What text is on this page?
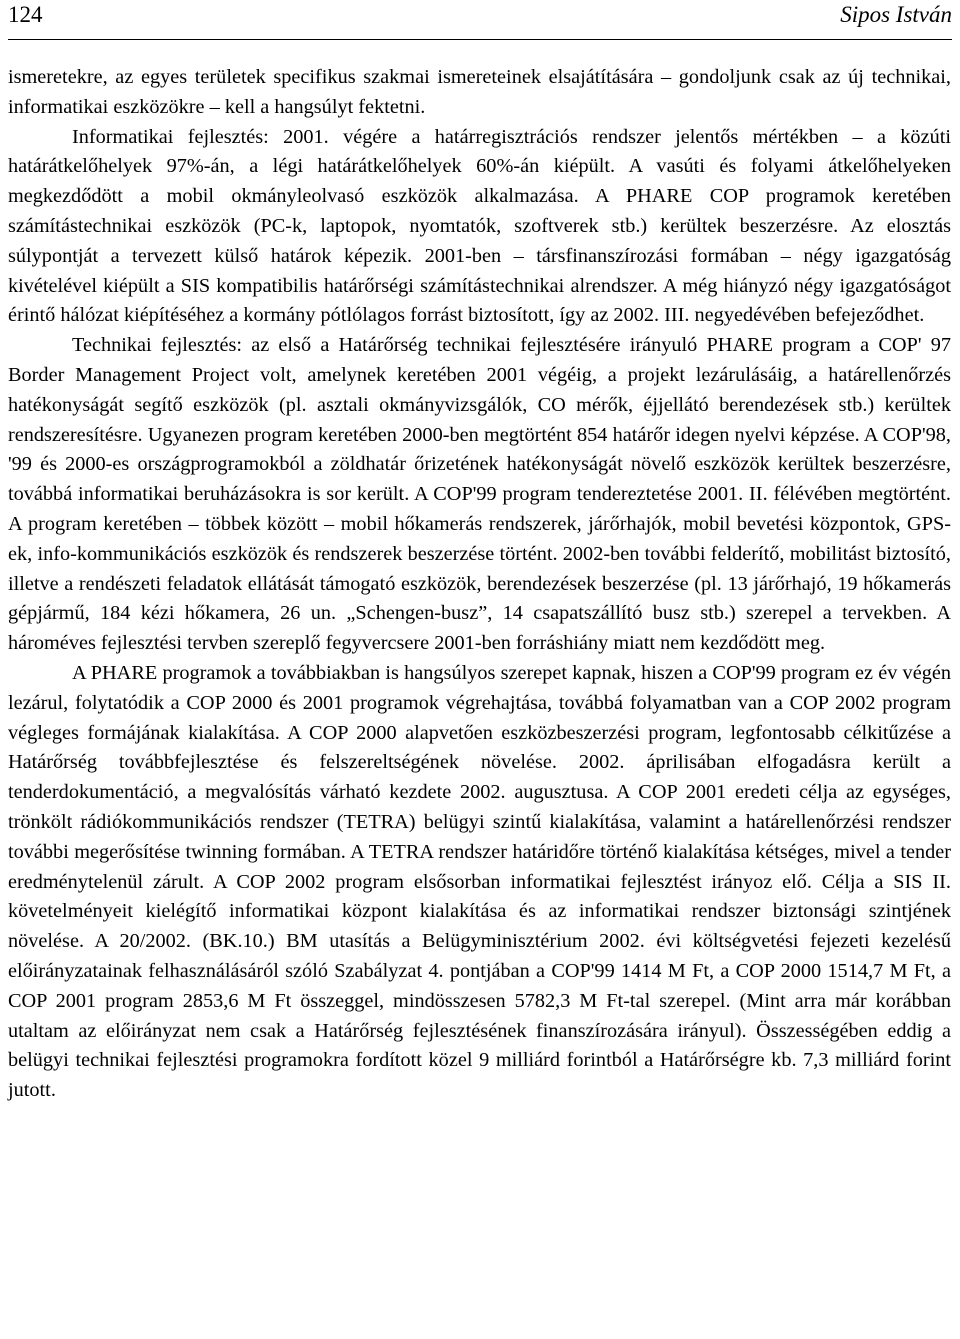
124	Sipos István

ismeretekre, az egyes területek specifikus szakmai ismereteinek elsajátítására – gondoljunk csak az új technikai, informatikai eszközökre – kell a hangsúlyt fektetni.

Informatikai fejlesztés: 2001. végére a határregisztrációs rendszer jelentős mértékben – a közúti határátkelőhelyek 97%-án, a légi határátkelőhelyek 60%-án kiépült. A vasúti és folyami átkelőhelyeken megkezdődött a mobil okmányleolvasó eszközök alkalmazása. A PHARE COP programok keretében számítástechnikai eszközök (PC-k, laptopok, nyomtatók, szoftverek stb.) kerültek beszerzésre. Az elosztás súlypontját a tervezett külső határok képezik. 2001-ben – társfinanszírozási formában – négy igazgatóság kivételével kiépült a SIS kompatibilis határőrségi számítástechnikai alrendszer. A még hiányzó négy igazgatóságot érintő hálózat kiépítéséhez a kormány pótlólagos forrást biztosított, így az 2002. III. negyedévében befejeződhet.

Technikai fejlesztés: az első a Határőrség technikai fejlesztésére irányuló PHARE program a COP' 97 Border Management Project volt, amelynek keretében 2001 végéig, a projekt lezárulásáig, a határellenőrzés hatékonyságát segítő eszközök (pl. asztali okmányvizsgálók, CO mérők, éjjellátó berendezések stb.) kerültek rendszeresítésre. Ugyanezen program keretében 2000-ben megtörtént 854 határőr idegen nyelvi képzése. A COP'98, '99 és 2000-es országprogramokból a zöldhatár őrizetének hatékonyságát növelő eszközök kerültek beszerzésre, továbbá informatikai beruházásokra is sor került. A COP'99 program tendereztetése 2001. II. félévében megtörtént. A program keretében – többek között – mobil hőkamerás rendszerek, járőrhajók, mobil bevetési központok, GPS-ek, info-kommunikációs eszközök és rendszerek beszerzése történt. 2002-ben további felderítő, mobilitást biztosító, illetve a rendészeti feladatok ellátását támogató eszközök, berendezések beszerzése (pl. 13 járőrhajó, 19 hőkamerás gépjármű, 184 kézi hőkamera, 26 un. „Schengen-busz”, 14 csapatszállító busz stb.) szerepel a tervekben. A hároméves fejlesztési tervben szereplő fegyvercsere 2001-ben forráshiány miatt nem kezdődött meg.

A PHARE programok a továbbiakban is hangsúlyos szerepet kapnak, hiszen a COP'99 program ez év végén lezárul, folytatódik a COP 2000 és 2001 programok végrehajtása, továbbá folyamatban van a COP 2002 program végleges formájának kialakítása. A COP 2000 alapvetően eszközbeszerzési program, legfontosabb célkitűzése a Határőrség továbbfejlesztése és felszereltségének növelése. 2002. áprilisában elfogadásra került a tenderdokumentáció, a megvalósítás várható kezdete 2002. augusztusa. A COP 2001 eredeti célja az egységes, trönkölt rádiókommunikációs rendszer (TETRA) belügyi szintű kialakítása, valamint a határellenőrzési rendszer további megerősítése twinning formában. A TETRA rendszer határidőre történő kialakítása kétséges, mivel a tender eredménytelenül zárult. A COP 2002 program elsősorban informatikai fejlesztést irányoz elő. Célja a SIS II. követelményeit kielégítő informatikai központ kialakítása és az informatikai rendszer biztonsági szintjének növelése. A 20/2002. (BK.10.) BM utasítás a Belügyminisztérium 2002. évi költségvetési fejezeti kezelésű előirányzatainak felhasználásáról szóló Szabályzat 4. pontjában a COP'99 1414 M Ft, a COP 2000 1514,7 M Ft, a COP 2001 program 2853,6 M Ft összeggel, mindösszesen 5782,3 M Ft-tal szerepel. (Mint arra már korábban utaltam az előirányzat nem csak a Határőrség fejlesztésének finanszírozására irányul). Összességében eddig a belügyi technikai fejlesztési programokra fordított közel 9 milliárd forintból a Határőrségre kb. 7,3 milliárd forint jutott.
